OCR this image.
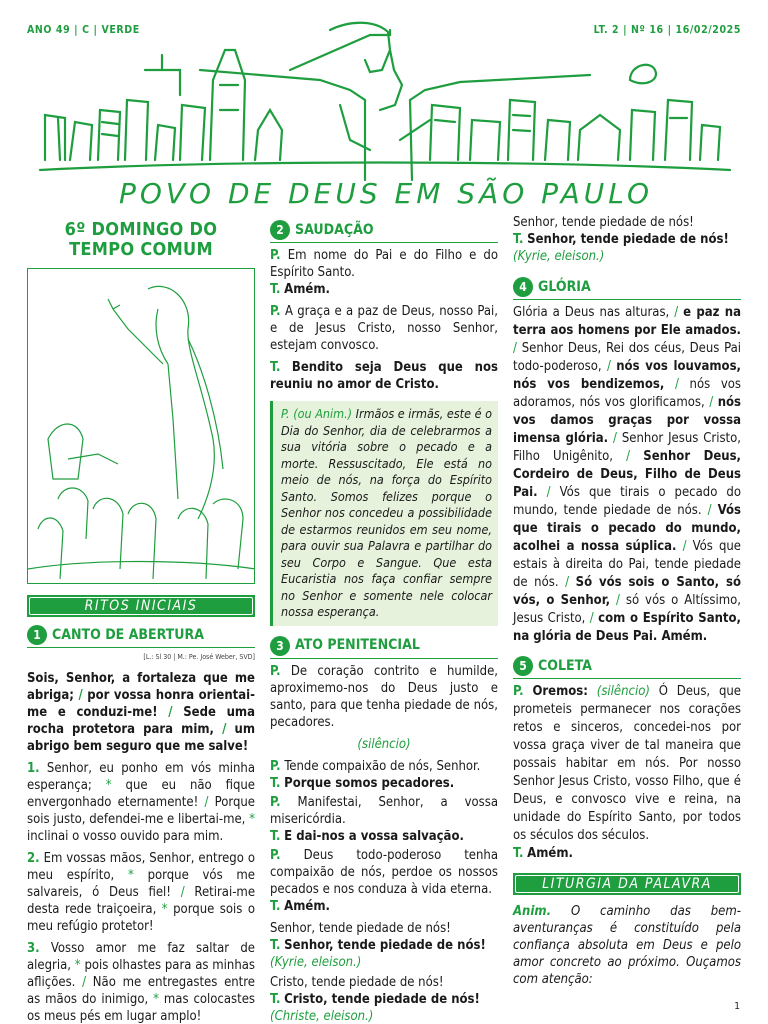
ANO 49 | C | VERDE	LT. 2 | Nº 16 | 16/02/2025
POVO DE DEUS EM SÃO PAULO
6º DOMINGO DO
TEMPO COMUM
RITOS INICIAIS
1 CANTO DE ABERTURA
[L.: Sl 30 | M.: Pe. José Weber, SVD]

Sois, Senhor, a fortaleza que me abriga; / por vossa honra orientai-me e conduzi-me! / Sede uma rocha protetora para mim, / um abrigo bem seguro que me salve!

1. Senhor, eu ponho em vós minha esperança; * que eu não fique envergonhado eternamente! / Porque sois justo, defendei-me e libertai-me, * inclinai o vosso ouvido para mim.

2. Em vossas mãos, Senhor, entrego o meu espírito, * porque vós me salvareis, ó Deus fiel! / Retirai-me desta rede traiçoeira, * porque sois o meu refúgio protetor!

3. Vosso amor me faz saltar de alegria, * pois olhastes para as minhas aflições. / Não me entregastes entre as mãos do inimigo, * mas colocastes os meus pés em lugar amplo!

2 SAUDAÇÃO

P. Em nome do Pai e do Filho e do Espírito Santo.
T. Amém.

P. A graça e a paz de Deus, nosso Pai, e de Jesus Cristo, nosso Senhor, estejam convosco.

T. Bendito seja Deus que nos reuniu no amor de Cristo.

P. (ou Anim.) Irmãos e irmãs, este é o Dia do Senhor, dia de celebrarmos a sua vitória sobre o pecado e a morte. Ressuscitado, Ele está no meio de nós, na força do Espírito Santo. Somos felizes porque o Senhor nos concedeu a possibilidade de estarmos reunidos em seu nome, para ouvir sua Palavra e partilhar do seu Corpo e Sangue. Que esta Eucaristia nos faça confiar sempre no Senhor e somente nele colocar nossa esperança.
3 ATO PENITENCIAL

P. De coração contrito e humilde, aproximemo-nos do Deus justo e santo, para que tenha piedade de nós, pecadores.

(silêncio)

P. Tende compaixão de nós, Senhor.
T. Porque somos pecadores.

P. Manifestai, Senhor, a vossa misericórdia.
T. E dai-nos a vossa salvação.

P. Deus todo-poderoso tenha compaixão de nós, perdoe os nossos pecados e nos conduza à vida eterna.
T. Amém.

Senhor, tende piedade de nós!
T. Senhor, tende piedade de nós!
(Kyrie, eleison.)

Cristo, tende piedade de nós!
T. Cristo, tende piedade de nós!
(Christe, eleison.)

Senhor, tende piedade de nós!
T. Senhor, tende piedade de nós!
(Kyrie, eleison.)

4 GLÓRIA

Glória a Deus nas alturas, / e paz na terra aos homens por Ele amados. / Senhor Deus, Rei dos céus, Deus Pai todo-poderoso, / nós vos louvamos, nós vos bendizemos, / nós vos adoramos, nós vos glorificamos, / nós vos damos graças por vossa imensa glória. / Senhor Jesus Cristo, Filho Unigênito, / Senhor Deus, Cordeiro de Deus, Filho de Deus Pai. / Vós que tirais o pecado do mundo, tende piedade de nós. / Vós que tirais o pecado do mundo, acolhei a nossa súplica. / Vós que estais à direita do Pai, tende piedade de nós. / Só vós sois o Santo, só vós, o Senhor, / só vós o Altíssimo, Jesus Cristo, / com o Espírito Santo, na glória de Deus Pai. Amém.

5 COLETA

P. Oremos: (silêncio) Ó Deus, que prometeis permanecer nos corações retos e sinceros, concedei-nos por vossa graça viver de tal maneira que possais habitar em nós. Por nosso Senhor Jesus Cristo, vosso Filho, que é Deus, e convosco vive e reina, na unidade do Espírito Santo, por todos os séculos dos séculos.
T. Amém.

LITURGIA DA PALAVRA

Anim. O caminho das bem-aventuranças é constituído pela confiança absoluta em Deus e pelo amor concreto ao próximo. Ouçamos com atenção:

1
